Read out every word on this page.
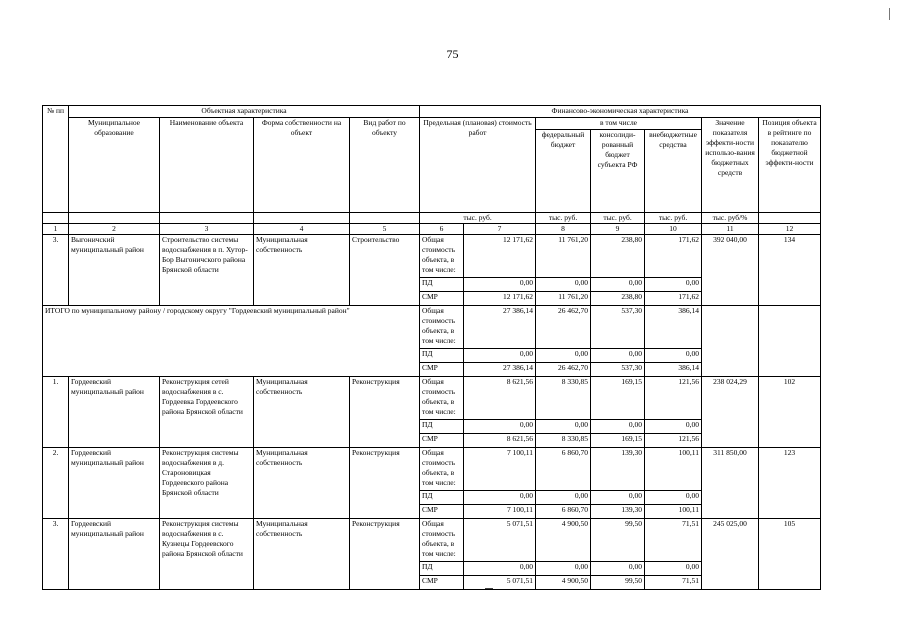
75
№ пп	Объектная характеристика				Финансово-экономическая характеристика						
	Муниципальное образование	Наименование объекта	Форма собственности на объект	Вид работ по объекту	Предельная (плановая) стоимость работ		в том числе			Значение показателя эффекти-ности использо-вания бюджетных средств	Позиция объекта в рейтинге по показателю бюджетной эффекти-ности
							федеральный бюджет	консолиди-рованный бюджет субъекта РФ	внебюджетные средства		
					тыс. руб.		тыс. руб.	тыс. руб.	тыс. руб.	тыс. руб/%	
1	2	3	4	5	6	7	8	9	10	11	12
3.	Выгоничский муниципальный район	Строительство системы водоснабжения в п. Хутор-Бор Выгоничского района Брянской области	Муниципальная собственность	Строительство	Общая стоимость объекта, в том числе:	12 171,62	11 761,20	238,80	171,62	392 040,00	134
					ПД	0,00	0,00	0,00	0,00		
					СМР	12 171,62	11 761,20	238,80	171,62		
ИТОГО по муниципальному району / городскому округу "Гордеевский муниципальный район"					Общая стоимость объекта, в том числе:	27 386,14	26 462,70	537,30	386,14		
					ПД	0,00	0,00	0,00	0,00		
					СМР	27 386,14	26 462,70	537,30	386,14		
1.	Гордеевский муниципальный район	Реконструкция сетей водоснабжения в с. Гордеевка Гордеевского района Брянской области	Муниципальная собственность	Реконструкция	Общая стоимость объекта, в том числе:	8 621,56	8 330,85	169,15	121,56	238 024,29	102
					ПД	0,00	0,00	0,00	0,00		
					СМР	8 621,56	8 330,85	169,15	121,56		
2.	Гордеевский муниципальный район	Реконструкция системы водоснабжения в д. Староновицкая Гордеевского района Брянской области	Муниципальная собственность	Реконструкция	Общая стоимость объекта, в том числе:	7 100,11	6 860,70	139,30	100,11	311 850,00	123
					ПД	0,00	0,00	0,00	0,00		
					СМР	7 100,11	6 860,70	139,30	100,11		
3.	Гордеевский муниципальный район	Реконструкция системы водоснабжения в с. Кузнецы Гордеевского района Брянской области	Муниципальная собственность	Реконструкция	Общая стоимость объекта, в том числе:	5 071,51	4 900,50	99,50	71,51	245 025,00	105
					ПД	0,00	0,00	0,00	0,00		
					СМР	5 071,51	4 900,50	99,50	71,51		
